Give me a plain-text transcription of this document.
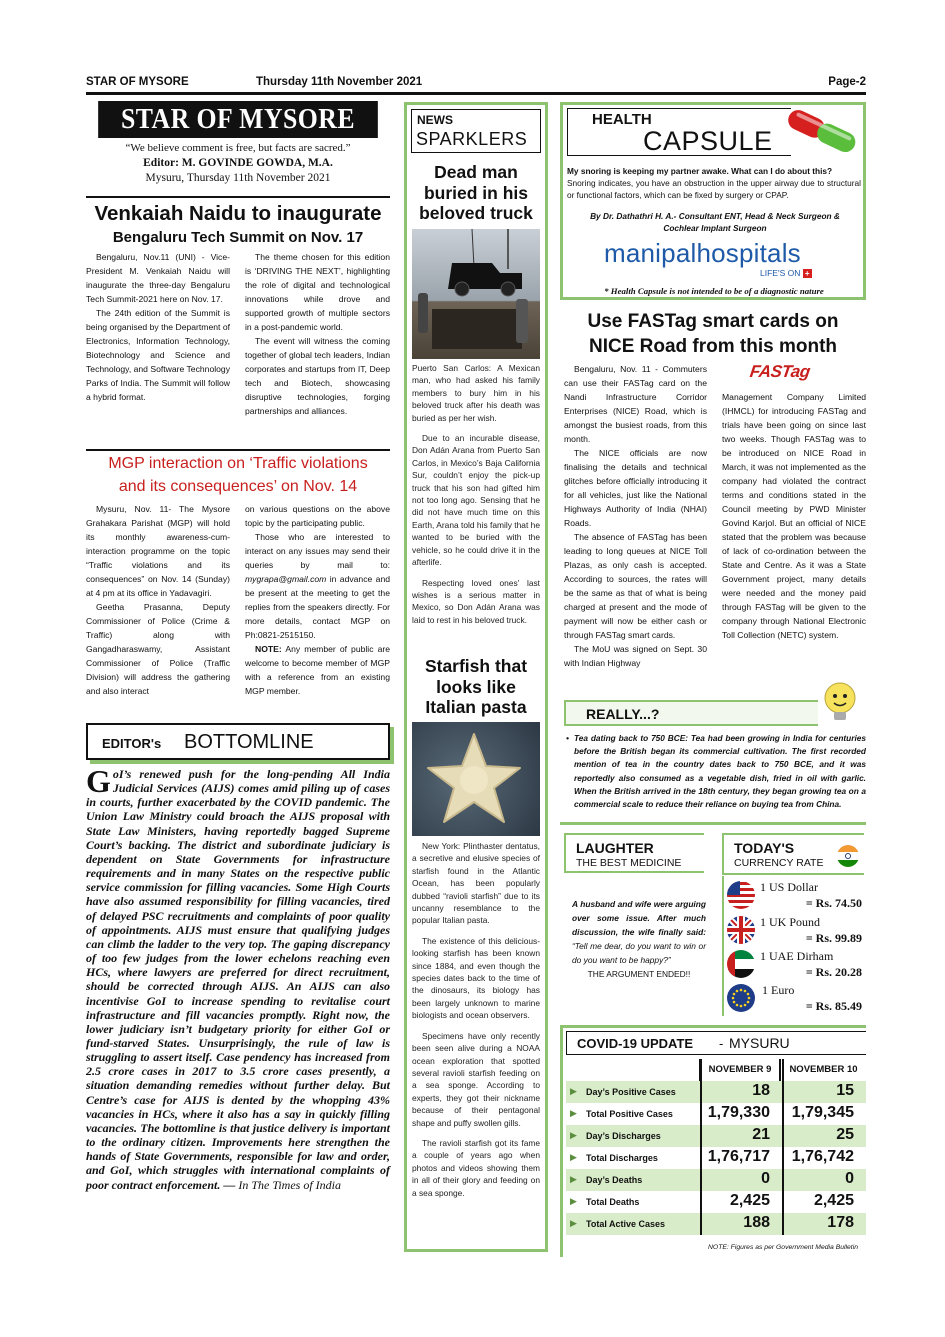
STAR OF MYSORE	Thursday 11th November 2021	Page-2
STAR OF MYSORE
“We believe comment is free, but facts are sacred.”
Editor: M. GOVINDE GOWDA, M.A.
Mysuru, Thursday 11th November 2021
Venkaiah Naidu to inaugurate
Bengaluru Tech Summit on Nov. 17
Bengaluru, Nov.11 (UNI) - Vice-President M. Venkaiah Naidu will inaugurate the three-day Bengaluru Tech Summit-2021 here on Nov. 17.
The 24th edition of the Summit is being organised by the Department of Electronics, Information Technology, Biotechnology and Science and Technology, and Software Technology Parks of India. The Summit will follow a hybrid format.
The theme chosen for this edition is ‘DRIVING THE NEXT’, highlighting the role of digital and technological innovations while drove and supported growth of multiple sectors in a post-pandemic world.
The event will witness the coming together of global tech leaders, Indian corporates and startups from IT, Deep tech and Biotech, showcasing disruptive technologies, forging partnerships and alliances.
MGP interaction on ‘Traffic violations
and its consequences’ on Nov. 14
Mysuru, Nov. 11- The Mysore Grahakara Parishat (MGP) will hold its monthly awareness-cum-interaction programme on the topic “Traffic violations and its consequences” on Nov. 14 (Sunday) at 4 pm at its office in Yadavagiri.
Geetha Prasanna, Deputy Commissioner of Police (Crime & Traffic) along with Gangadharaswamy, Assistant Commissioner of Police (Traffic Division) will address the gathering and also interact
on various questions on the above topic by the participating public.
Those who are interested to interact on any issues may send their queries by mail to: mygrapa@gmail.com in advance and be present at the meeting to get the replies from the speakers directly. For more details, contact MGP on Ph:0821-2515150.
NOTE: Any member of public are welcome to become member of MGP with a reference from an existing MGP member.
EDITOR's BOTTOMLINE
GoI’s renewed push for the long-pending All India Judicial Services (AIJS) comes amid piling up of cases in courts, further exacerbated by the COVID pandemic. The Union Law Ministry could broach the AIJS proposal with State Law Ministers, having reportedly bagged Supreme Court’s backing. The district and subordinate judiciary is dependent on State Governments for infrastructure requirements and in many States on the respective public service commission for filling vacancies. Some High Courts have also assumed responsibility for filling vacancies, tired of delayed PSC recruitments and complaints of poor quality of appointments. AIJS must ensure that qualifying judges can climb the ladder to the very top. The gaping discrepancy of too few judges from the lower echelons reaching even HCs, where lawyers are preferred for direct recruitment, should be corrected through AIJS. An AIJS can also incentivise GoI to increase spending to revitalise court infrastructure and fill vacancies promptly. Right now, the lower judiciary isn’t budgetary priority for either GoI or fund-starved States. Unsurprisingly, the rule of law is struggling to assert itself. Case pendency has increased from 2.5 crore cases in 2017 to 3.5 crore cases presently, a situation demanding remedies without further delay. But Centre’s case for AIJS is dented by the whopping 43% vacancies in HCs, where it also has a say in quickly filling vacancies. The bottomline is that justice delivery is important to the ordinary citizen. Improvements here strengthen the hands of State Governments, responsible for law and order, and GoI, which struggles with international complaints of poor contract enforcement. — In The Times of India
NEWS
SPARKLERS
Dead man buried in his beloved truck
Puerto San Carlos: A Mexican man, who had asked his family members to bury him in his beloved truck after his death was buried as per her wish.
Due to an incurable disease, Don Adán Arana from Puerto San Carlos, in Mexico’s Baja California Sur, couldn’t enjoy the pick-up truck that his son had gifted him not too long ago. Sensing that he did not have much time on this Earth, Arana told his family that he wanted to be buried with the vehicle, so he could drive it in the afterlife.
Respecting loved ones’ last wishes is a serious matter in Mexico, so Don Adán Arana was laid to rest in his beloved truck.
Starfish that looks like Italian pasta
New York: Plinthaster dentatus, a secretive and elusive species of starfish found in the Atlantic Ocean, has been popularly dubbed “ravioli starfish” due to its uncanny resemblance to the popular Italian pasta.
The existence of this delicious-looking starfish has been known since 1884, and even though the species dates back to the time of the dinosaurs, its biology has been largely unknown to marine biologists and ocean observers.
Specimens have only recently been seen alive during a NOAA ocean exploration that spotted several ravioli starfish feeding on a sea sponge. According to experts, they got their nickname because of their pentagonal shape and puffy swollen gills.
The ravioli starfish got its fame a couple of years ago when photos and videos showing them in all of their glory and feeding on a sea sponge.
HEALTH
CAPSULE
My snoring is keeping my partner awake. What can I do about this?
Snoring indicates, you have an obstruction in the upper airway due to structural or functional factors, which can be fixed by surgery or CPAP.
By Dr. Dathathri H. A.- Consultant ENT, Head & Neck Surgeon & Cochlear Implant Surgeon
manipalhospitals
LIFE'S ON +
* Health Capsule is not intended to be of a diagnostic nature
Use FASTag smart cards on
NICE Road from this month
FASTag
Bengaluru, Nov. 11 - Commuters can use their FASTag card on the Nandi Infrastructure Corridor Enterprises (NICE) Road, which is amongst the busiest roads, from this month.
The NICE officials are now finalising the details and technical glitches before officially introducing it for all vehicles, just like the National Highways Authority of India (NHAI) Roads.
The absence of FASTag has been leading to long queues at NICE Toll Plazas, as only cash is accepted. According to sources, the rates will be the same as that of what is being charged at present and the mode of payment will now be either cash or through FASTag smart cards.
The MoU was signed on Sept. 30 with Indian Highway
Management Company Limited (IHMCL) for introducing FASTag and trials have been going on since last two weeks. Though FASTag was to be introduced on NICE Road in March, it was not implemented as the company had violated the contract terms and conditions stated in the Council meeting by PWD Minister Govind Karjol. But an official of NICE stated that the problem was because of lack of co-ordination between the State and Centre. As it was a State Government project, many details were needed and the money paid through FASTag will be given to the company through National Electronic Toll Collection (NETC) system.
REALLY...?
• Tea dating back to 750 BCE: Tea had been growing in India for centuries before the British began its commercial cultivation. The first recorded mention of tea in the country dates back to 750 BCE, and it was reportedly also consumed as a vegetable dish, fried in oil with garlic. When the British arrived in the 18th century, they began growing tea on a commercial scale to reduce their reliance on buying tea from China.
LAUGHTER
THE BEST MEDICINE
A husband and wife were arguing over some issue. After much discussion, the wife finally said: “Tell me dear, do you want to win or do you want to be happy?”
THE ARGUMENT ENDED!!
TODAY'S
CURRENCY RATE
1 US Dollar
= Rs. 74.50
1 UK Pound
= Rs. 99.89
1 UAE Dirham
= Rs. 20.28
1 Euro
= Rs. 85.49
COVID-19 UPDATE - MYSURU
	NOVEMBER 9	NOVEMBER 10
▶ Day’s Positive Cases	18	15
▶ Total Positive Cases 1,79,330 1,79,345
▶ Day’s Discharges	21	25
▶ Total Discharges	1,76,717 1,76,742
▶ Day’s Deaths	0	0
▶ Total Deaths	2,425	2,425
▶ Total Active Cases	188	178
NOTE: Figures as per Government Media Bulletin
